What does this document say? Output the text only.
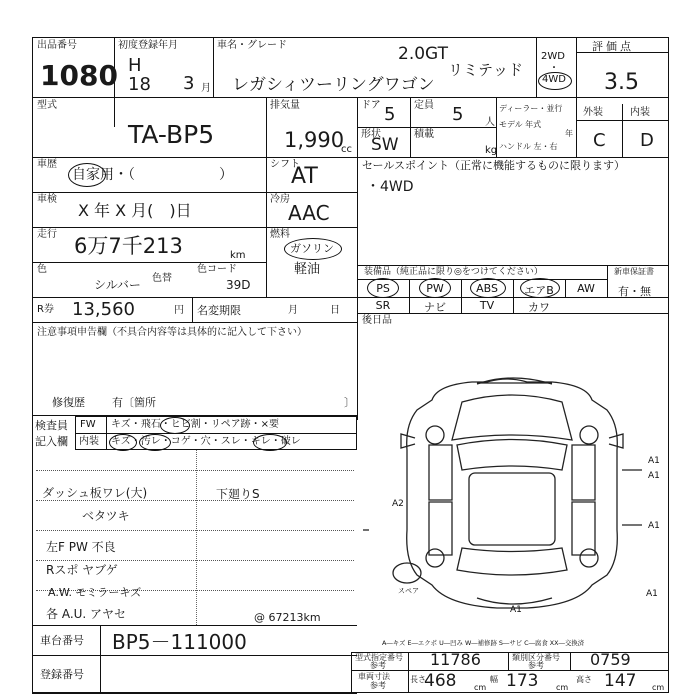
出品番号
1080
初度登録年月
H
18 3 月
車名・グレード	2.0GT
リミテッド
レガシィツーリングワゴン
2WD
・
4WD
評価点
3.5
型式
TA-BP5
排気量
1,990
cc
ドア 5 定員 5 人
形状
SW
積載
kg
ディーラー・並行
モデル 年式
年
ハンドル 左・右
外装	内装
C D
車歴
自家用・（　　　　　　）
シフト
AT
車検
X 年 X 月(　)日
冷房
AAC
走行 6万7千213	km
燃料
ガソリン
軽油
色
シルバー 色替
色コード
39D
セールスポイント（正常に機能するものに限ります）
・4WD
装備品（純正品に限り◎をつけてください）	新車保証書
有・無
PS	PW	ABS	エアB	AW
SR	ナビ	TV	カワ
R券 13,560	円 名変期限	月	日
後日品
注意事項申告欄（不具合内容等は具体的に記入して下さい）
修復歴 有〔箇所	〕
検査員
記入欄
FW
内装
キズ・飛石・ヒビ割・リペア跡・×要
キズ・汚レ・コゲ・穴・スレ・キレ・破レ
ダッシュ板ワレ(大)
ベタツキ
左F PW 不良
Rスポ ヤブゲ
A.W. モミラーキズ
各 A.U. アヤセ	@ 67213km
下廻りS
A2
A1
A1
A1
A1
A1
スペア
A―キズ E―エクボ U―凹み W―補修跡 S―サビ C―腐食 XX―交換済
車台番号 BP5－111000
登録番号
型式指定番号
参考	11786	類別区分番号
参考	0759
車両寸法
参考
長さ
468 cm
幅 173 cm
高さ 147 cm
